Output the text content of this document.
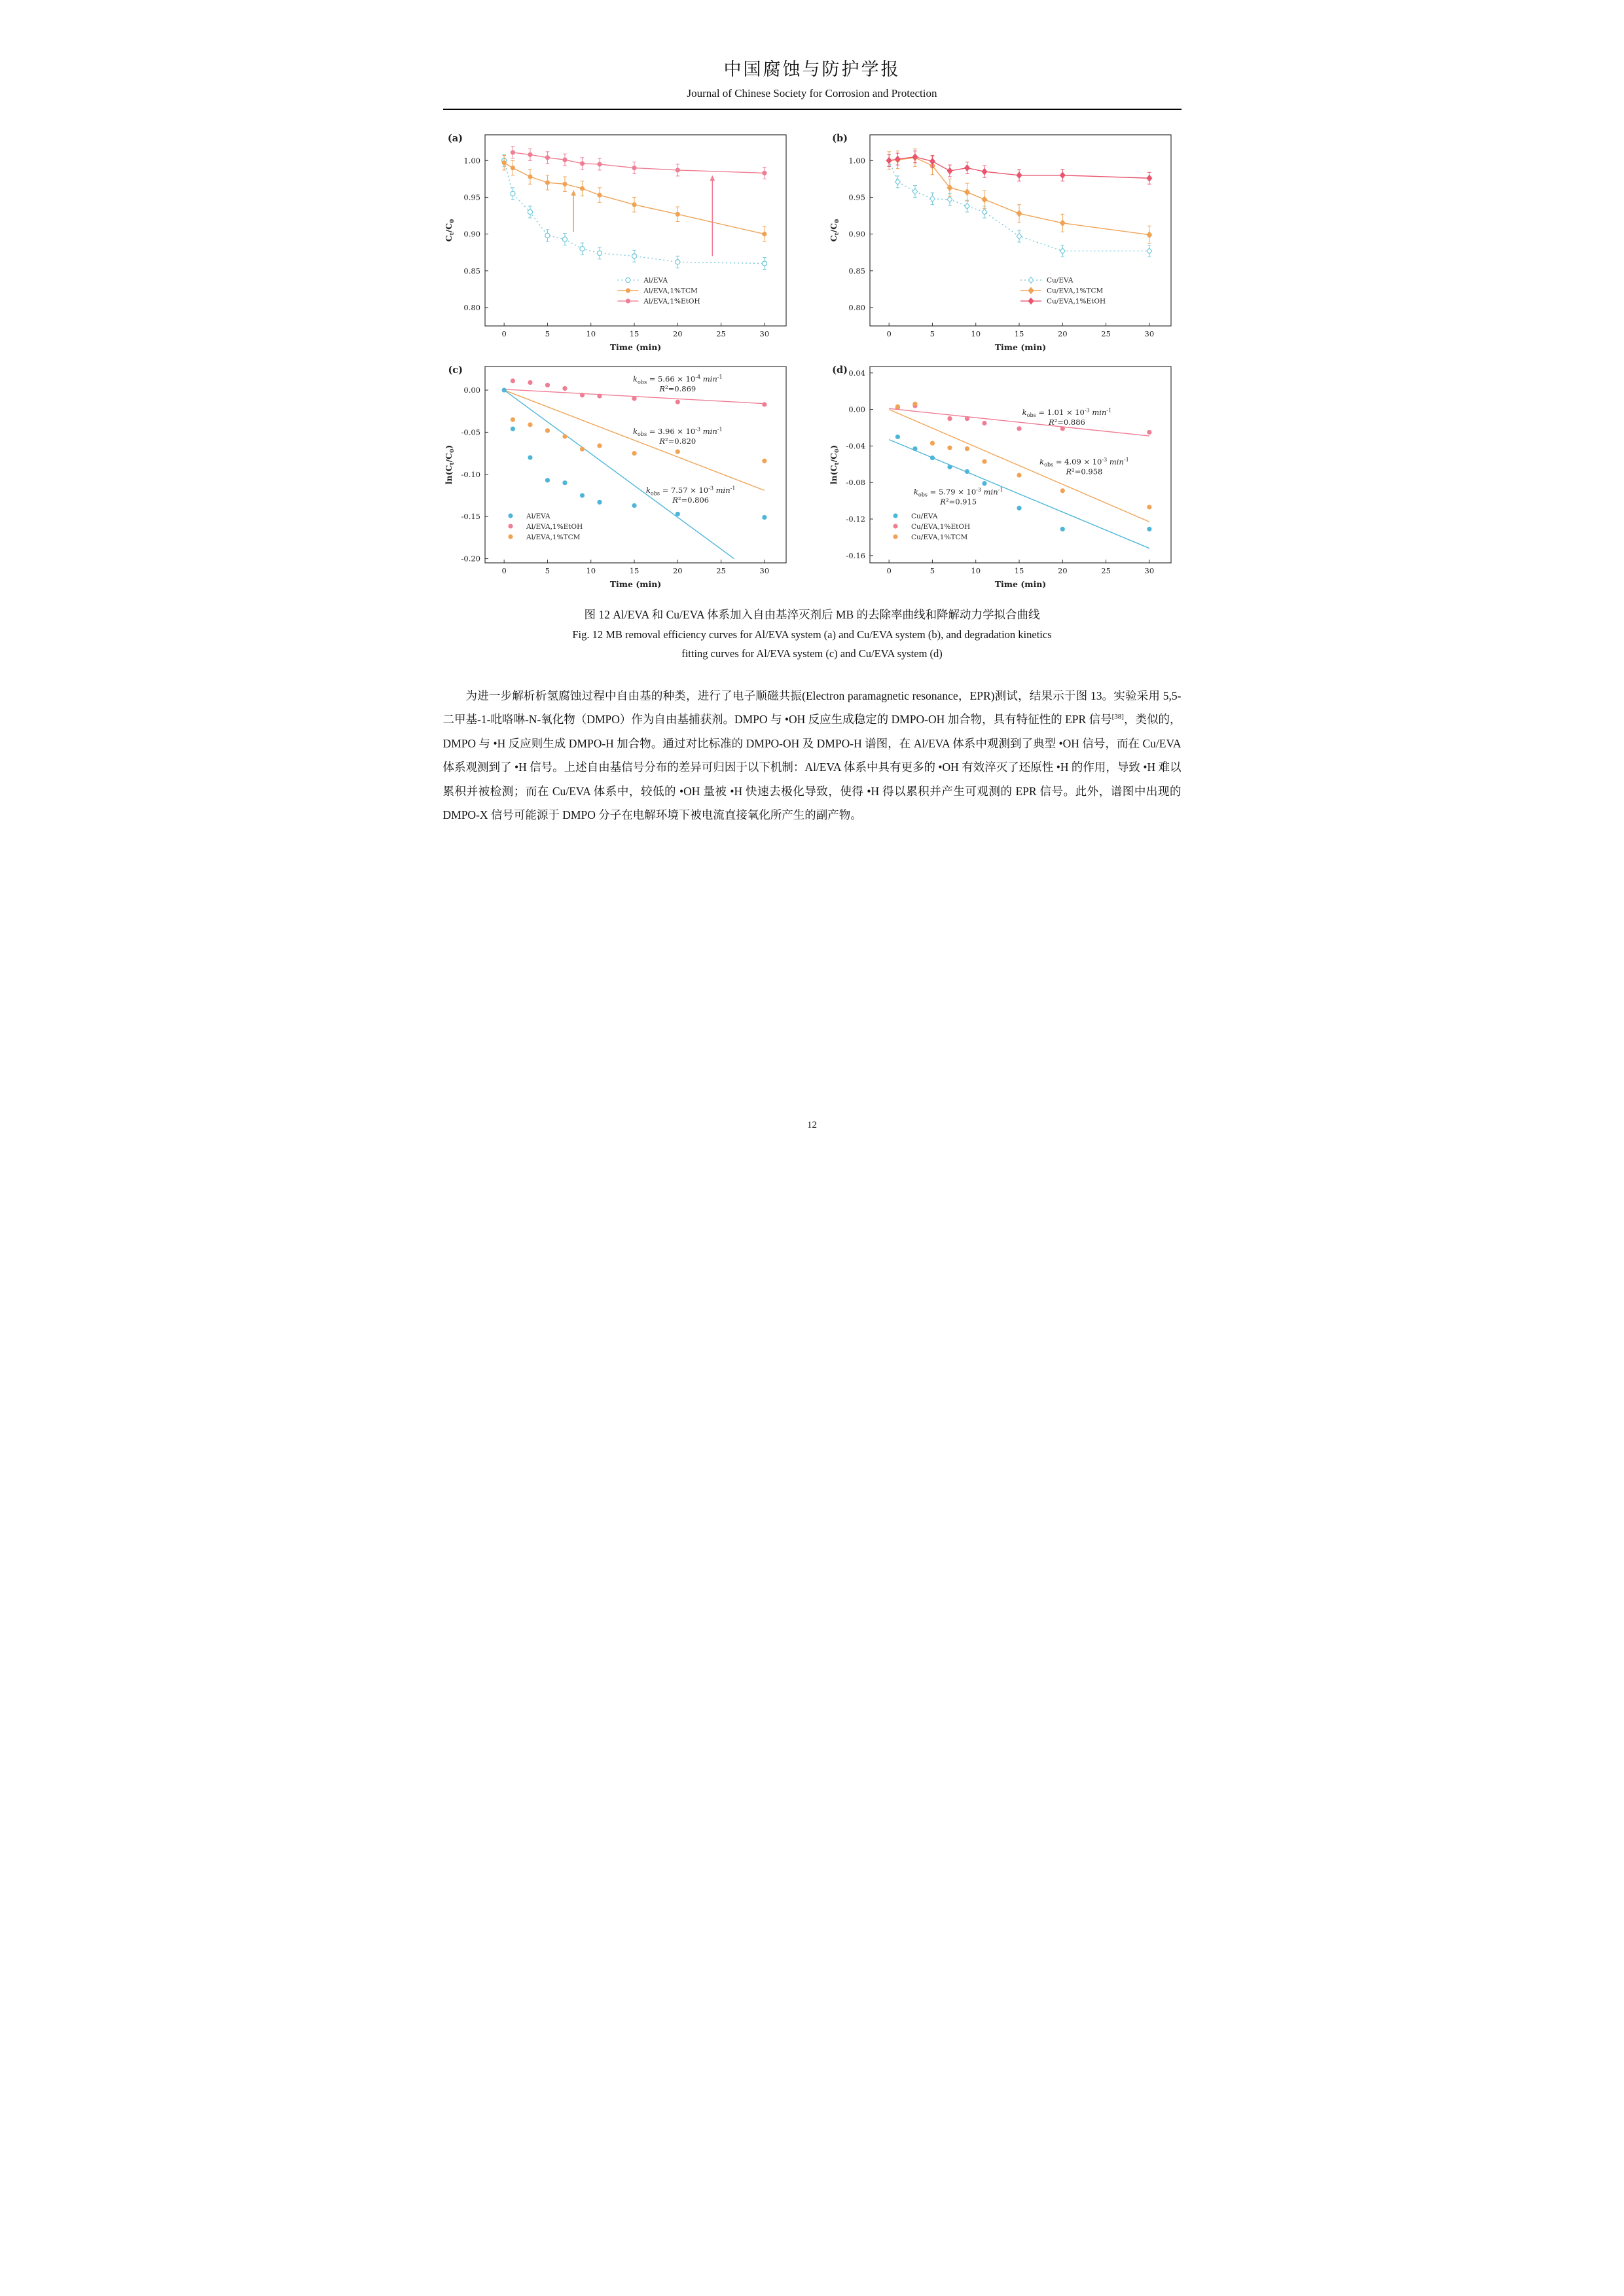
中国腐蚀与防护学报
Journal of Chinese Society for Corrosion and Protection
0	5	10	15	20	25	30
0.80
0.85
0.90
0.95
1.00
Time (min)
$C_t/C_0$
(a)
Al/EVA
Al/EVA,1%TCM
Al/EVA,1%EtOH
0	5	10	15	20	25	30
0.80
0.85
0.90
0.95
1.00
Time (min)
$C_t/C_0$
(b)
Cu/EVA
Cu/EVA,1%TCM
Cu/EVA,1%EtOH
0	5	10	15	20	25	30
0.00
-0.05
-0.10
-0.15
-0.20
Time (min)
$\ln(C_t/C_0)$
(c)
$k_{obs} = 5.66 \times 10^{-4}$ $\min^{-1}$
R²=0.869
$k_{obs} = 3.96 \times 10^{-3}$ $\min^{-1}$
R²=0.820
$k_{obs} = 7.57 \times 10^{-3}$ $\min^{-1}$
R²=0.806
Al/EVA
Al/EVA,1%EtOH
Al/EVA,1%TCM
0	5	10	15	20	25	30
0.04
0.00
-0.04
-0.08
-0.12
-0.16
Time (min)
$\ln(C_t/C_0)$
(d)
$k_{obs} = 1.01 \times 10^{-3}$ $\min^{-1}$
R²=0.886
$k_{obs} = 4.09 \times 10^{-3}$ $\min^{-1}$
R²=0.958
$k_{obs} = 5.79 \times 10^{-3}$ $\min^{-1}$
R²=0.915
Cu/EVA
Cu/EVA,1%EtOH
Cu/EVA,1%TCM
图 12 Al/EVA 和 Cu/EVA 体系加入自由基淬灭剂后 MB 的去除率曲线和降解动力学拟合曲线
Fig. 12 MB removal efficiency curves for Al/EVA system (a) and Cu/EVA system (b), and degradation kinetics
fitting curves for Al/EVA system (c) and Cu/EVA system (d)

为进一步解析析氢腐蚀过程中自由基的种类，进行了电子顺磁共振(Electron paramagnetic resonance，EPR)测试，结果示于图 13。实验采用 5,5-二甲基-1-吡咯啉-N-氧化物（DMPO）作为自由基捕获剂。DMPO 与 •OH 反应生成稳定的 DMPO-OH 加合物，具有特征性的 EPR 信号[38]，类似的，DMPO 与 •H 反应则生成 DMPO-H 加合物。通过对比标准的 DMPO-OH 及 DMPO-H 谱图，在 Al/EVA 体系中观测到了典型 •OH 信号，而在 Cu/EVA 体系观测到了 •H 信号。上述自由基信号分布的差异可归因于以下机制：Al/EVA 体系中具有更多的 •OH 有效淬灭了还原性 •H 的作用，导致 •H 难以累积并被检测；而在 Cu/EVA 体系中，较低的 •OH 量被 •H 快速去极化导致，使得 •H 得以累积并产生可观测的 EPR 信号。此外，谱图中出现的 DMPO-X 信号可能源于 DMPO 分子在电解环境下被电流直接氧化所产生的副产物。

12
